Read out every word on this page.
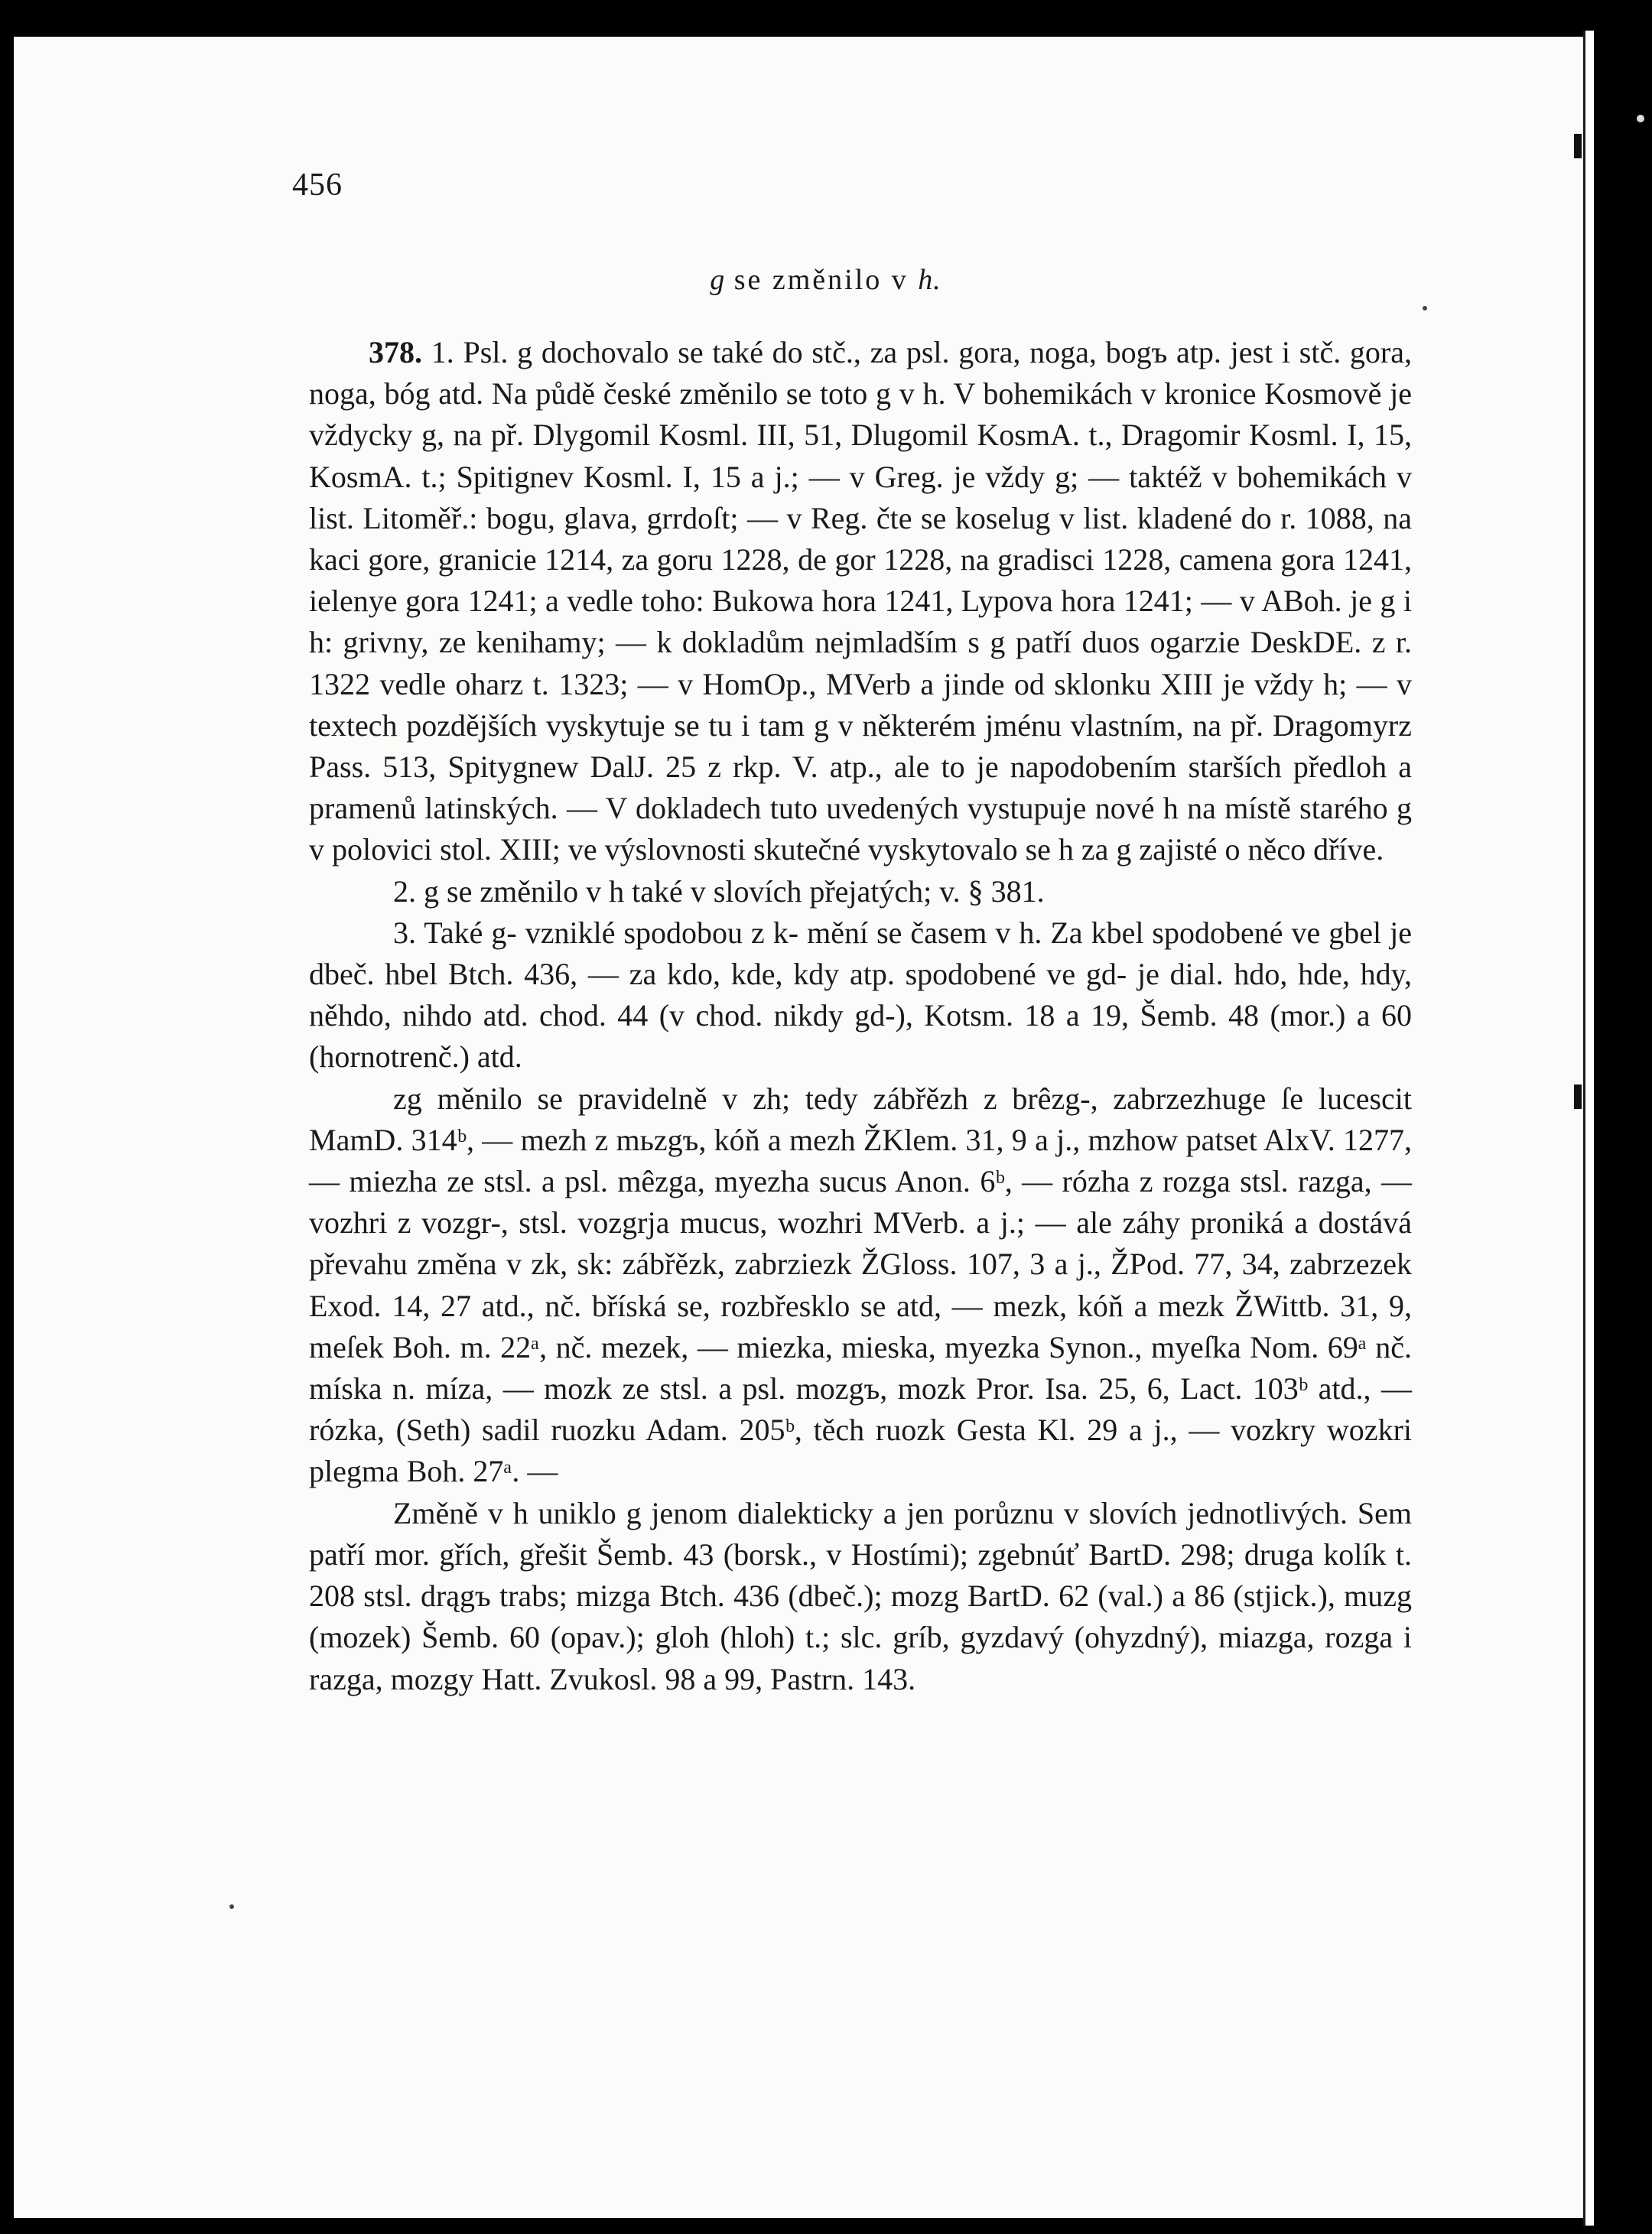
456
g se změnilo v h.

378. 1. Psl. g dochovalo se také do stč., za psl. gora, noga, bogъ atp. jest i stč. gora, noga, bóg atd. Na půdě české změnilo se toto g v h. V bohemikách v kronice Kosmově je vždycky g, na př. Dlygomil Kosml. III, 51, Dlugomil KosmA. t., Dragomir Kosml. I, 15, KosmA. t.; Spitignev Kosml. I, 15 a j.; — v Greg. je vždy g; — taktéž v bohemikách v list. Litoměř.: bogu, glava, grrdoſt; — v Reg. čte se koselug v list. kladené do r. 1088, na kaci gore, granicie 1214, za goru 1228, de gor 1228, na gradisci 1228, camena gora 1241, ielenye gora 1241; a vedle toho: Bukowa hora 1241, Lypova hora 1241; — v ABoh. je g i h: grivny, ze kenihamy; — k dokladům nejmladším s g patří duos ogarzie DeskDE. z r. 1322 vedle oharz t. 1323; — v HomOp., MVerb a jinde od sklonku XIII je vždy h; — v textech pozdějších vyskytuje se tu i tam g v některém jménu vlastním, na př. Dragomyrz Pass. 513, Spitygnew DalJ. 25 z rkp. V. atp., ale to je napodobením starších předloh a pramenů latinských. — V dokladech tuto uvedených vystupuje nové h na místě starého g v polovici stol. XIII; ve výslovnosti skutečné vyskytovalo se h za g zajisté o něco dříve.

2. g se změnilo v h také v slovích přejatých; v. § 381.

3. Také g- vzniklé spodobou z k- mění se časem v h. Za kbel spodobené ve gbel je dbeč. hbel Btch. 436, — za kdo, kde, kdy atp. spodobené ve gd- je dial. hdo, hde, hdy, něhdo, nihdo atd. chod. 44 (v chod. nikdy gd-), Kotsm. 18 a 19, Šemb. 48 (mor.) a 60 (hornotrenč.) atd.

zg měnilo se pravidelně v zh; tedy zábřězh z brêzg-, zabrzezhuge ſe lucescit MamD. 314ᵇ, — mezh z mьzgъ, kóň a mezh ŽKlem. 31, 9 a j., mzhow patset AlxV. 1277, — miezha ze stsl. a psl. mêzga, myezha sucus Anon. 6ᵇ, — rózha z rozga stsl. razga, — vozhri z vozgr-, stsl. vozgrja mucus, wozhri MVerb. a j.; — ale záhy proniká a dostává převahu změna v zk, sk: zábřězk, zabrziezk ŽGloss. 107, 3 a j., ŽPod. 77, 34, zabrzezek Exod. 14, 27 atd., nč. bříská se, rozbřesklo se atd, — mezk, kóň a mezk ŽWittb. 31, 9, meſek Boh. m. 22ᵃ, nč. mezek, — miezka, mieska, myezka Synon., myeſka Nom. 69ᵃ nč. míska n. míza, — mozk ze stsl. a psl. mozgъ, mozk Pror. Isa. 25, 6, Lact. 103ᵇ atd., — rózka, (Seth) sadil ruozku Adam. 205ᵇ, těch ruozk Gesta Kl. 29 a j., — vozkry wozkri plegma Boh. 27ᵃ. —

Změně v h uniklo g jenom dialekticky a jen porůznu v slovích jednotlivých. Sem patří mor. gřích, gřešit Šemb. 43 (borsk., v Hostími); zgebnúť BartD. 298; druga kolík t. 208 stsl. drągъ trabs; mizga Btch. 436 (dbeč.); mozg BartD. 62 (val.) a 86 (stjick.), muzg (mozek) Šemb. 60 (opav.); gloh (hloh) t.; slc. gríb, gyzdavý (ohyzdný), miazga, rozga i razga, mozgy Hatt. Zvukosl. 98 a 99, Pastrn. 143.
